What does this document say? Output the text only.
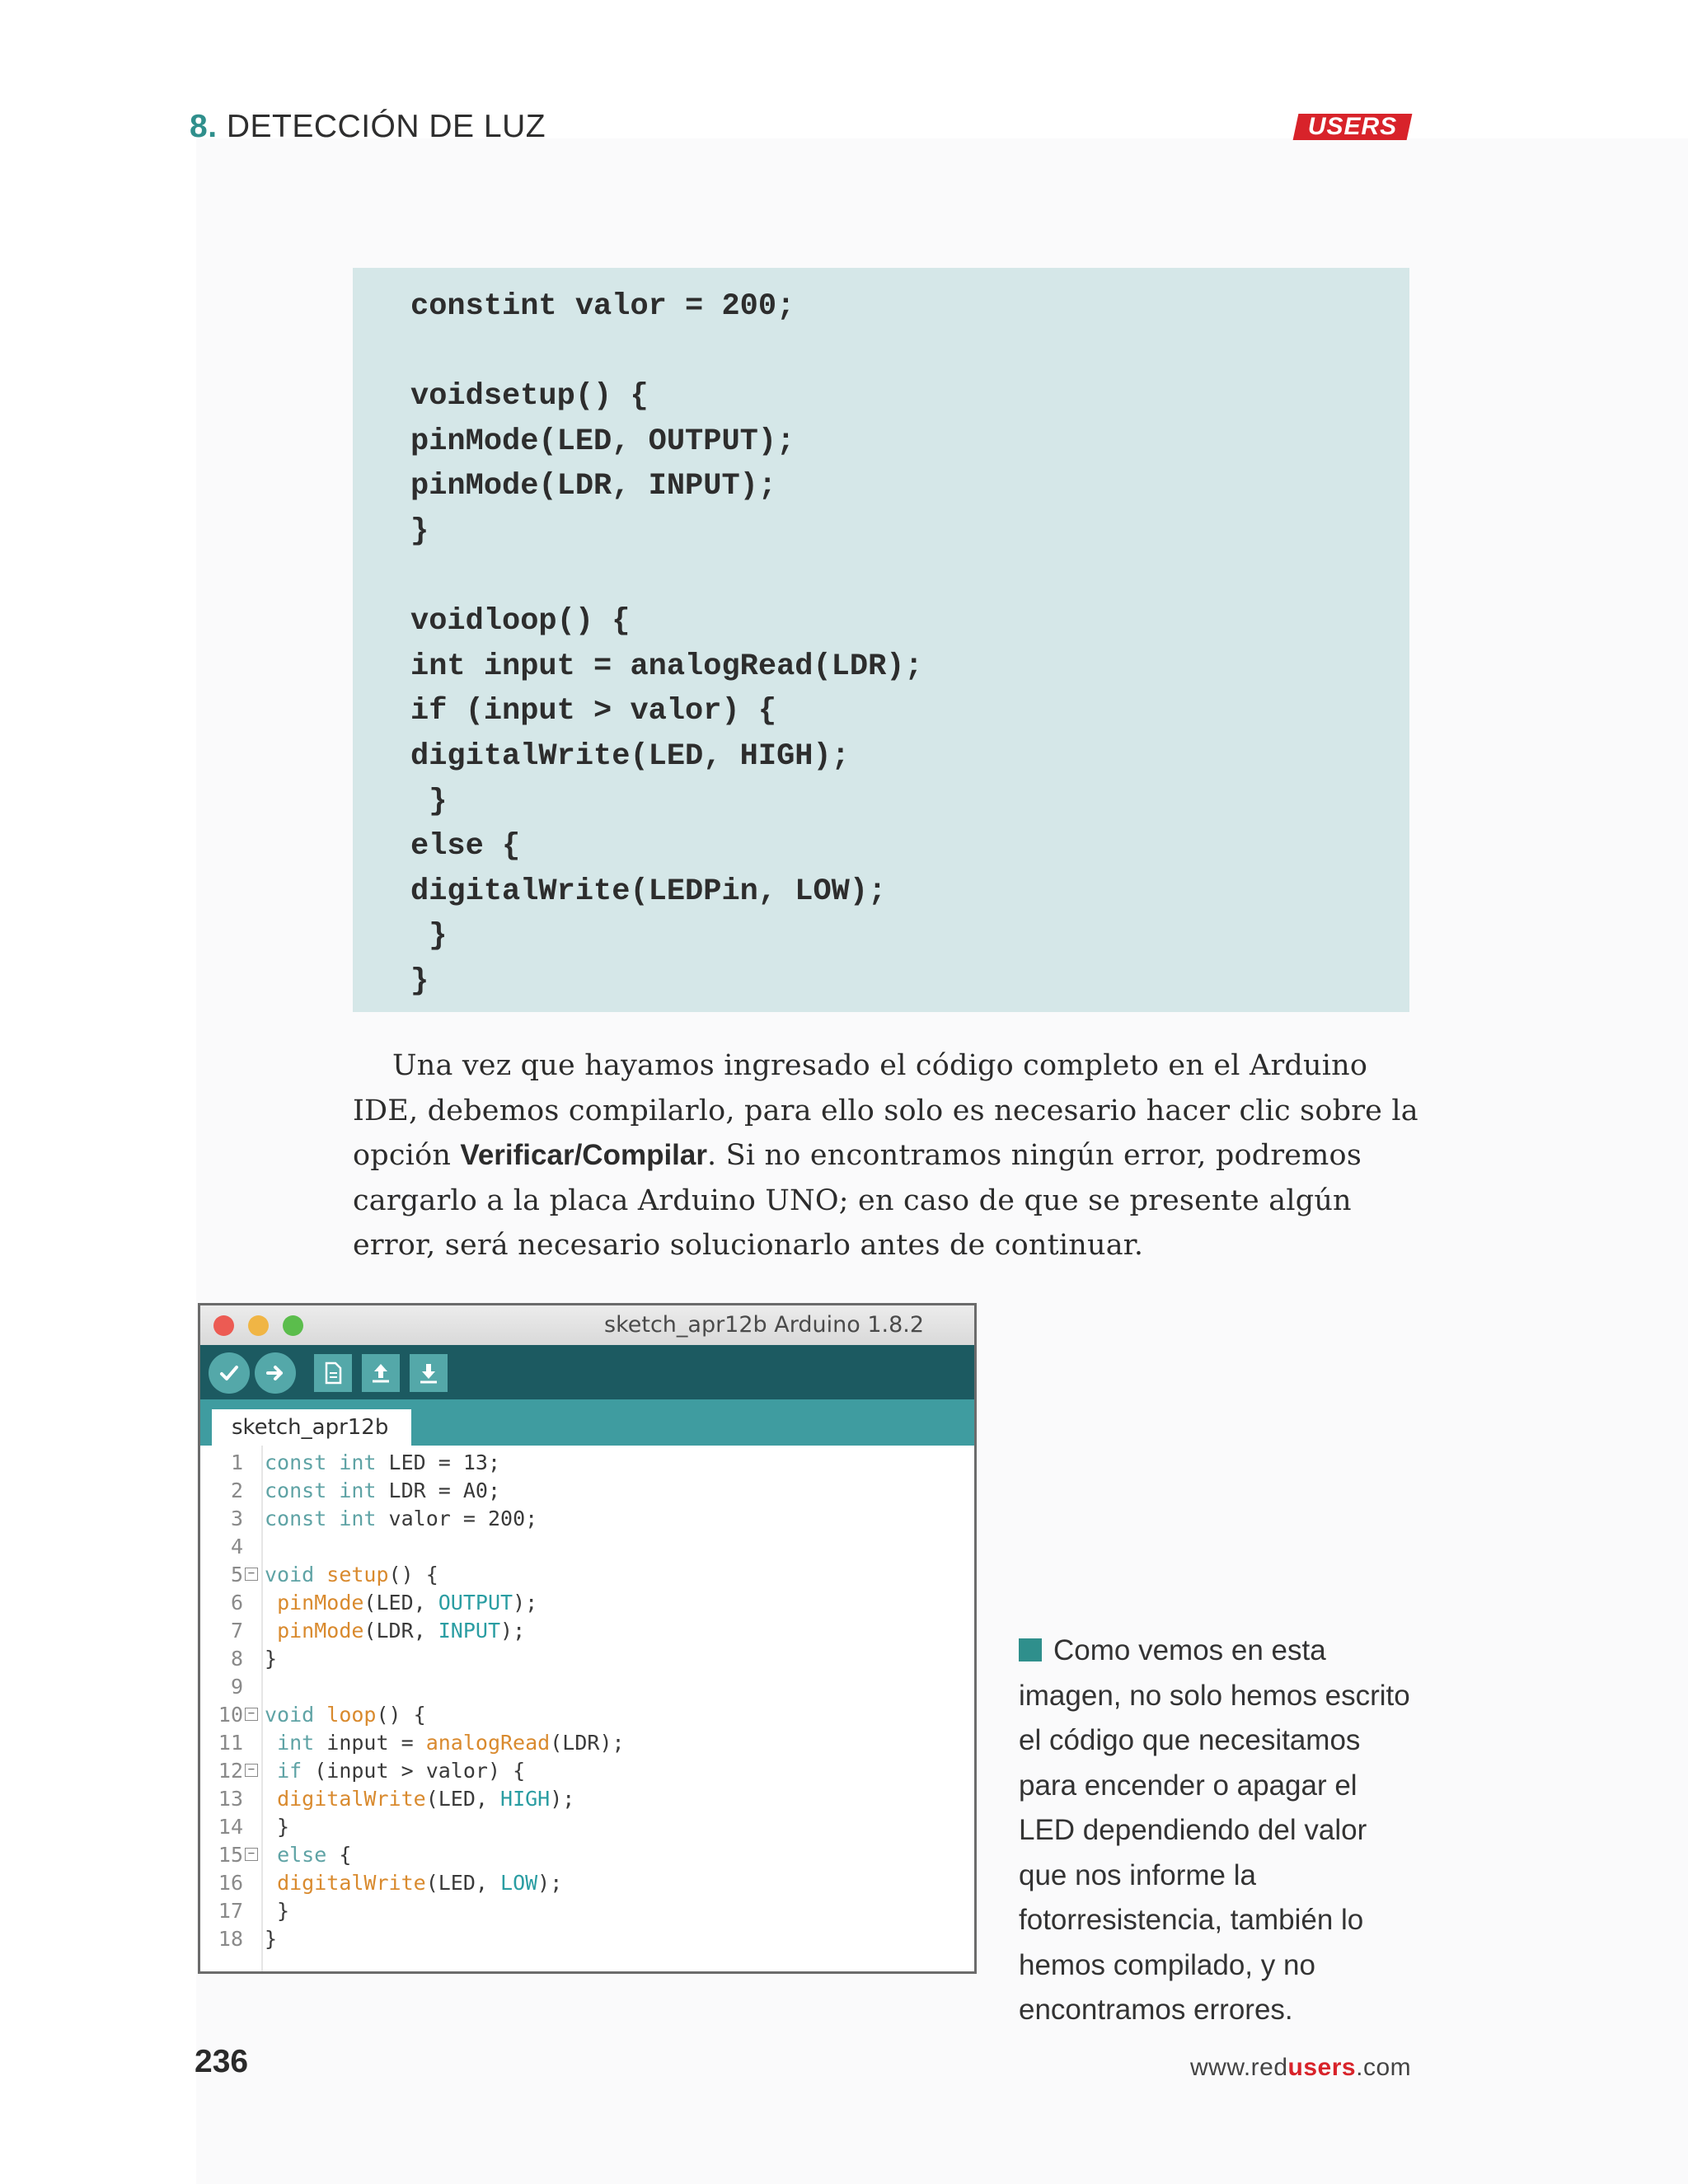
8. DETECCIÓN DE LUZ	USERS
constint valor = 200;

voidsetup() {
pinMode(LED, OUTPUT);
pinMode(LDR, INPUT);
}

voidloop() {
int input = analogRead(LDR);
if (input > valor) {
digitalWrite(LED, HIGH);
}
else {
digitalWrite(LEDPin, LOW);
}
}
Una vez que hayamos ingresado el código completo en el Arduino IDE, debemos compilarlo, para ello solo es necesario hacer clic sobre la opción Verificar/Compilar. Si no encontramos ningún error, podremos cargarlo a la placa Arduino UNO; en caso de que se presente algún error, será necesario solucionarlo antes de continuar.
sketch_apr12b Arduino 1.8.2
sketch_apr12b
1 const int LED = 13;
2 const int LDR = A0;
3 const int valor = 200;
4
5 − void setup() {
6	pinMode(LED, OUTPUT);
7	pinMode(LDR, INPUT);
8 }
9
10 − void loop() {
11	int input = analogRead(LDR);
12 −	if (input > valor) {
13	digitalWrite(LED, HIGH);
14 }
15 −	else {
16	digitalWrite(LED, LOW);
17 }
18 }
Como vemos en esta imagen, no solo hemos escrito el código que necesitamos para encender o apagar el LED dependiendo del valor que nos informe la fotorresistencia, también lo hemos compilado, y no encontramos errores.
236	www.redusers.com
